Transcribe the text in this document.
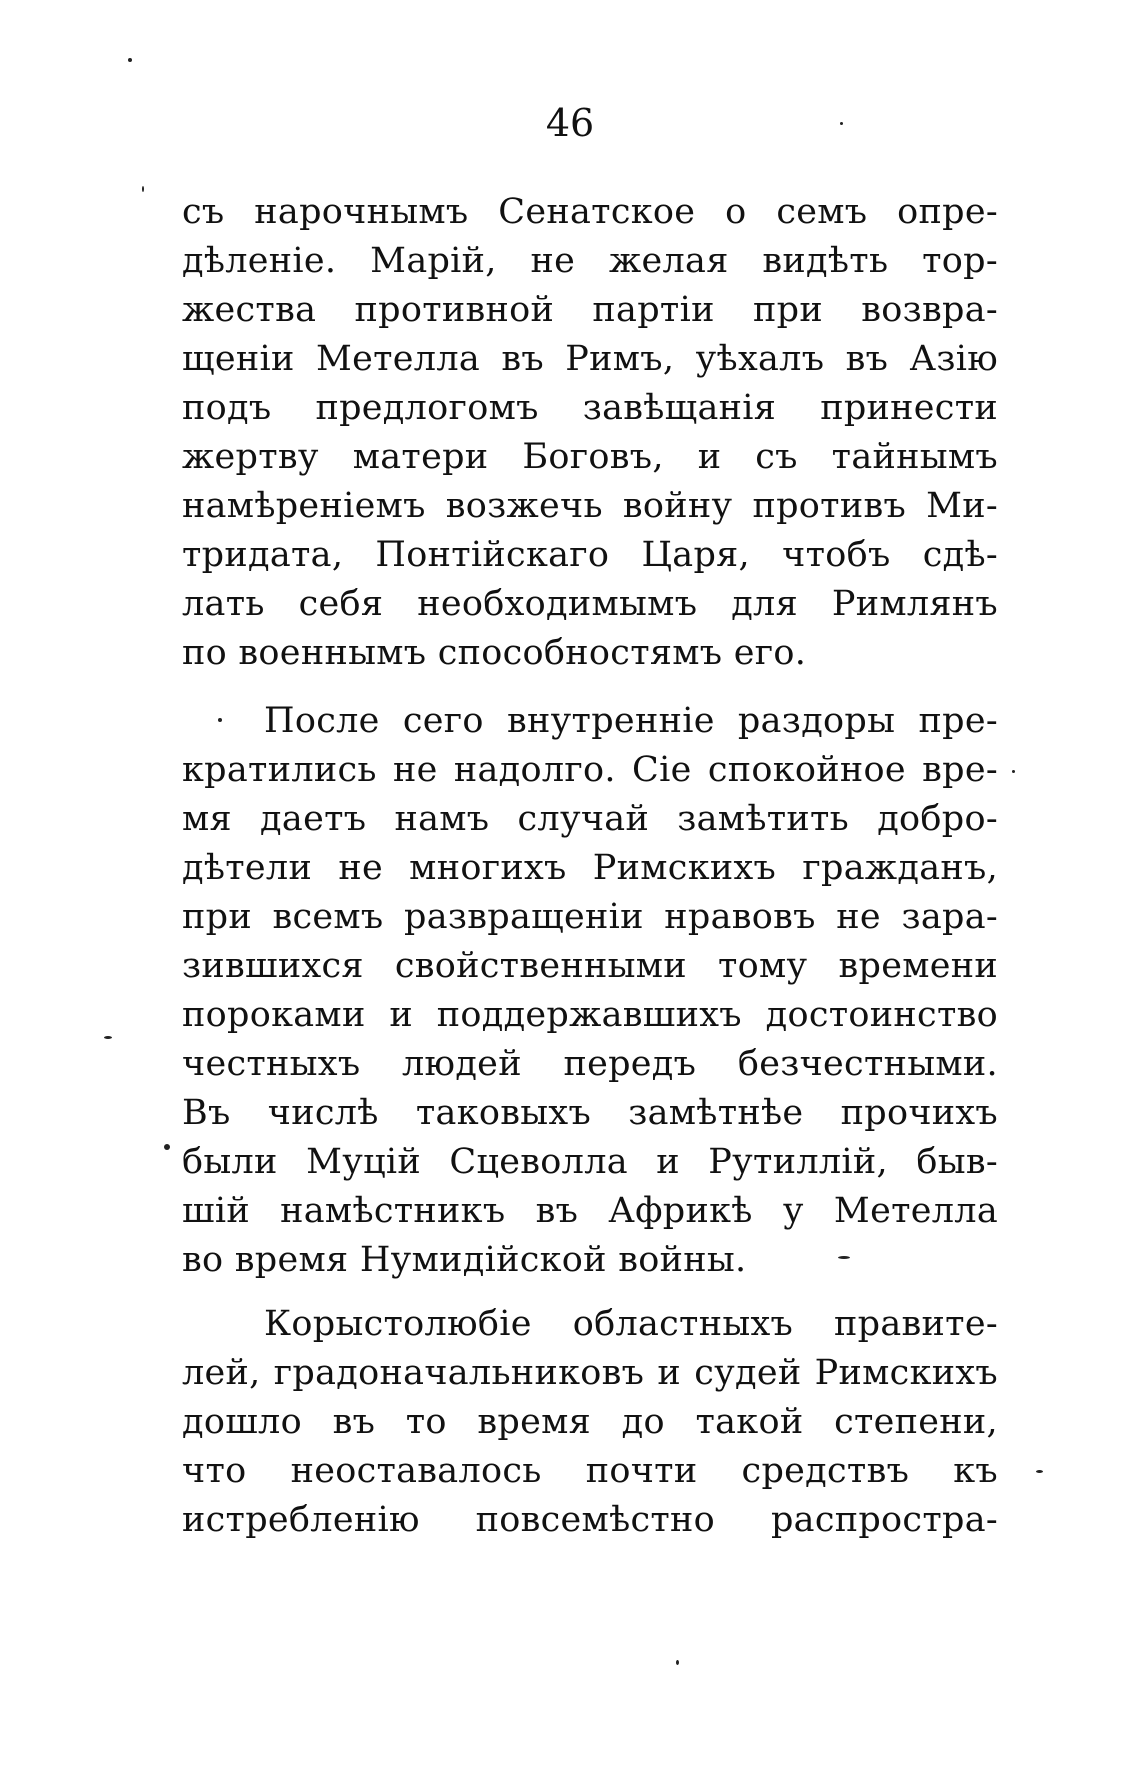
46
съ нарочнымъ Сенатское о семъ опре-
дѣленіе. Марій, не желая видѣть тор-
жества противной партіи при возвра-
щеніи Метелла въ Римъ, уѣхалъ въ Азію
подъ предлогомъ завѣщанія принести
жертву матери Боговъ, и съ тайнымъ
намѣреніемъ возжечь войну противъ Ми-
тридата, Понтійскаго Царя, чтобъ сдѣ-
лать себя необходимымъ для Римлянъ
по военнымъ способностямъ его.
После сего внутренніе раздоры пре-
кратились не надолго. Сіе спокойное вре-
мя даетъ намъ случай замѣтить добро-
дѣтели не многихъ Римскихъ гражданъ,
при всемъ развращеніи нравовъ не зара-
зившихся свойственными тому времени
пороками и поддержавшихъ достоинство
честныхъ людей передъ безчестными.
Въ числѣ таковыхъ замѣтнѣе прочихъ
были Муцій Сцеволла и Рутиллій, быв-
шій намѣстникъ въ Африкѣ у Метелла
во время Нумидійской войны.
Корыстолюбіе областныхъ правите-
лей, градоначальниковъ и судей Римскихъ
дошло въ то время до такой степени,
что неоставалось почти средствъ къ
истребленію повсемѣстно распростра-
